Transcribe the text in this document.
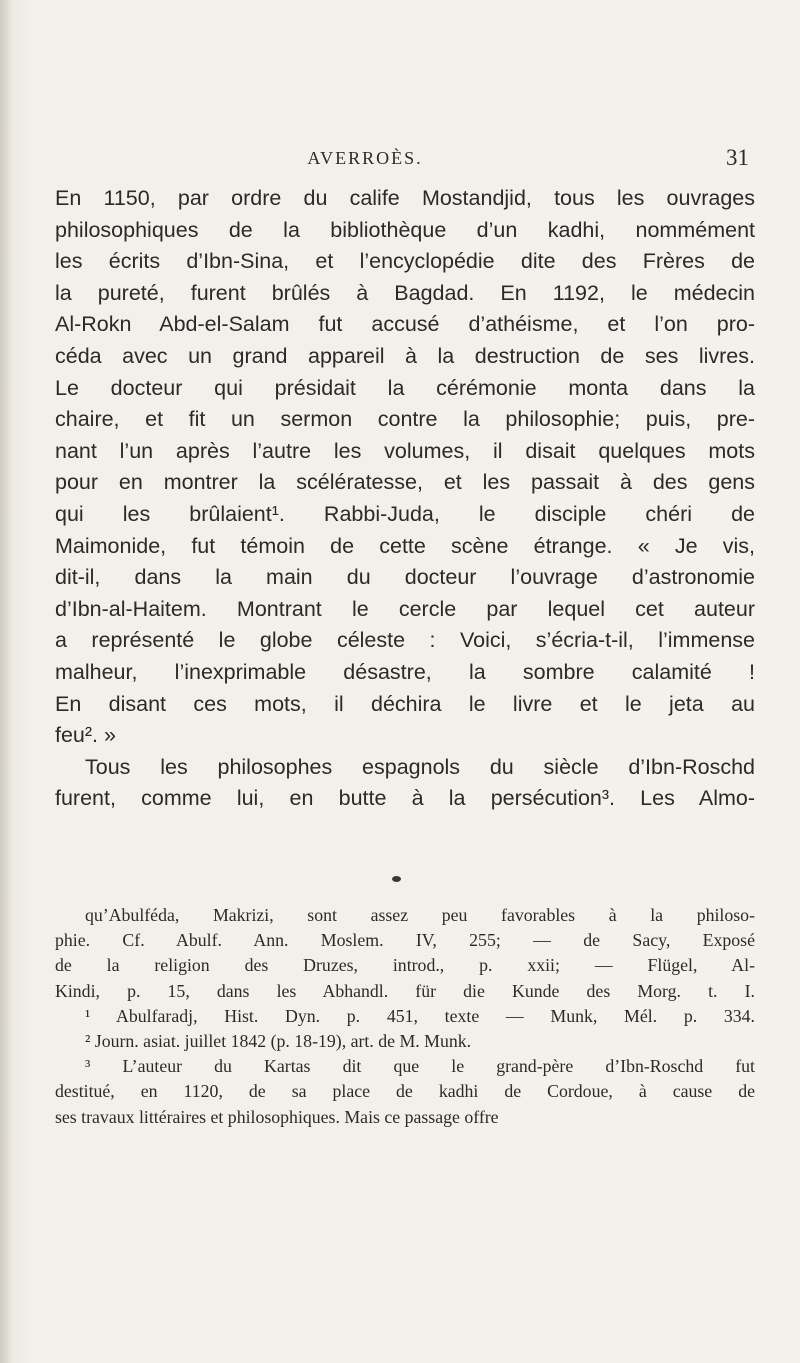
AVERROÈS.	31
En 1150, par ordre du calife Mostandjid, tous les ouvrages
philosophiques de la bibliothèque d’un kadhi, nommément
les écrits d’Ibn-Sina, et l’encyclopédie dite des Frères de
la pureté, furent brûlés à Bagdad. En 1192, le médecin
Al-Rokn Abd-el-Salam fut accusé d’athéisme, et l’on pro-
céda avec un grand appareil à la destruction de ses livres.
Le docteur qui présidait la cérémonie monta dans la
chaire, et fit un sermon contre la philosophie; puis, pre-
nant l’un après l’autre les volumes, il disait quelques mots
pour en montrer la scélératesse, et les passait à des gens
qui les brûlaient¹. Rabbi-Juda, le disciple chéri de
Maimonide, fut témoin de cette scène étrange. « Je vis,
dit-il, dans la main du docteur l’ouvrage d’astronomie
d’Ibn-al-Haitem. Montrant le cercle par lequel cet auteur
a représenté le globe céleste : Voici, s’écria-t-il, l’immense
malheur, l’inexprimable désastre, la sombre calamité !
En disant ces mots, il déchira le livre et le jeta au
feu². »
Tous les philosophes espagnols du siècle d’Ibn-Roschd
furent, comme lui, en butte à la persécution³. Les Almo-
qu’Abulféda, Makrizi, sont assez peu favorables à la philoso-
phie. Cf. Abulf. Ann. Moslem. IV, 255; — de Sacy, Exposé
de la religion des Druzes, introd., p. xxii; — Flügel, Al-
Kindi, p. 15, dans les Abhandl. für die Kunde des Morg. t. I.
¹ Abulfaradj, Hist. Dyn. p. 451, texte — Munk, Mél. p. 334.
² Journ. asiat. juillet 1842 (p. 18-19), art. de M. Munk.
³ L’auteur du Kartas dit que le grand-père d’Ibn-Roschd fut
destitué, en 1120, de sa place de kadhi de Cordoue, à cause de
ses travaux littéraires et philosophiques. Mais ce passage offre
